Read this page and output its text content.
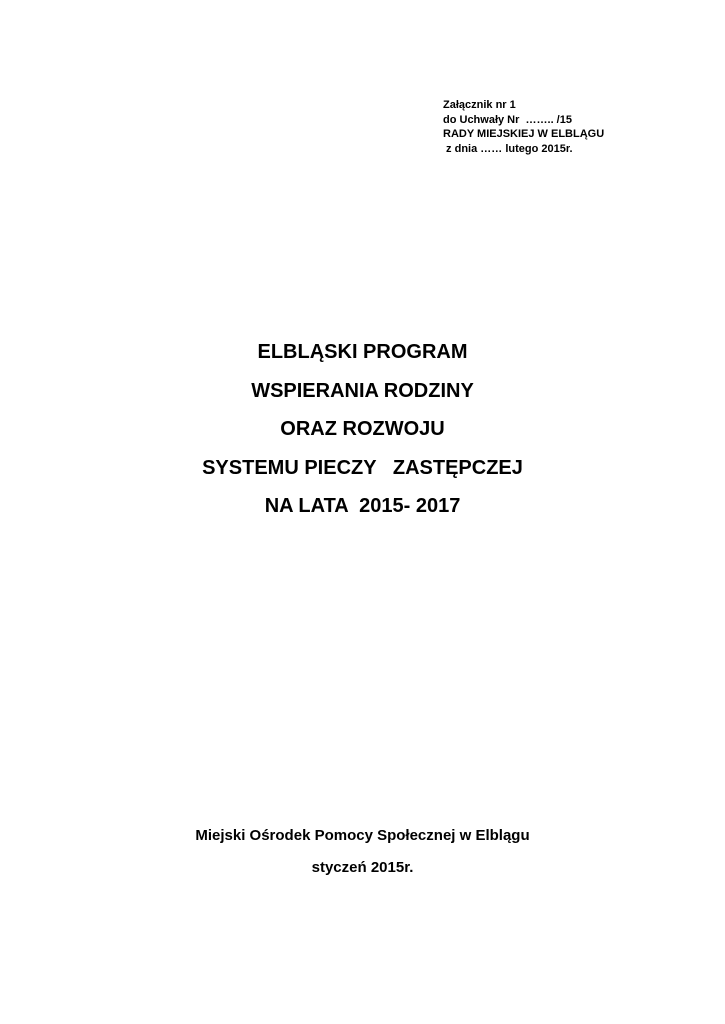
Załącznik nr 1
do Uchwały Nr  …….. /15
RADY MIEJSKIEJ W ELBLĄGU
z dnia …… lutego 2015r.
ELBLĄSKI PROGRAM
WSPIERANIA RODZINY
ORAZ ROZWOJU
SYSTEMU PIECZY   ZASTĘPCZEJ
NA LATA  2015- 2017
Miejski Ośrodek Pomocy Społecznej w Elblągu
styczeń 2015r.
